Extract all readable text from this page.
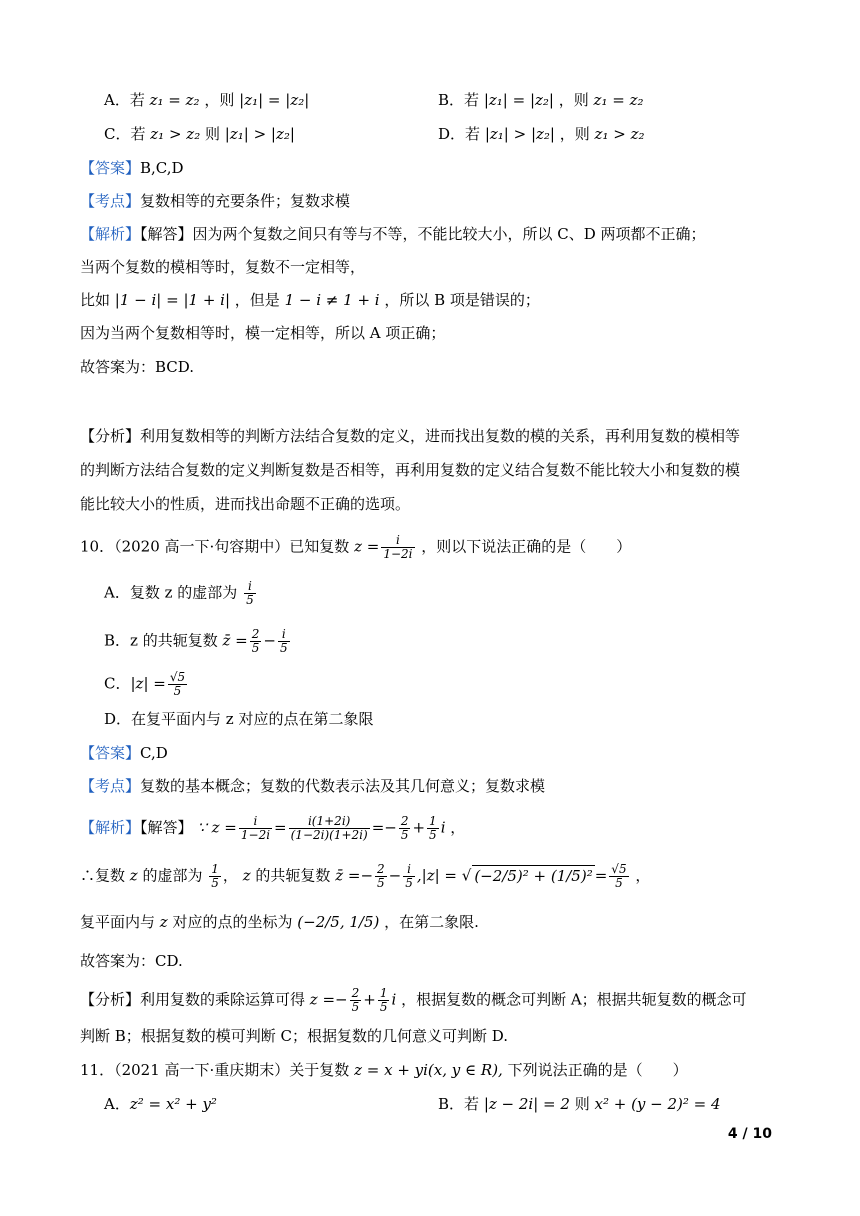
A．若 z₁ = z₂ ，则 |z₁| = |z₂|	B．若 |z₁| = |z₂| ，则 z₁ = z₂
C．若 z₁ > z₂ 则 |z₁| > |z₂|	D．若 |z₁| > |z₂| ，则 z₁ > z₂
【答案】B,C,D
【考点】复数相等的充要条件；复数求模
【解析】【解答】因为两个复数之间只有等与不等，不能比较大小，所以 C、D 两项都不正确；
当两个复数的模相等时，复数不一定相等，
比如 |1 − i| = |1 + i| ，但是 1 − i ≠ 1 + i ，所以 B 项是错误的；
因为当两个复数相等时，模一定相等，所以 A 项正确；
故答案为：BCD.
【分析】利用复数相等的判断方法结合复数的定义，进而找出复数的模的关系，再利用复数的模相等
的判断方法结合复数的定义判断复数是否相等，再利用复数的定义结合复数不能比较大小和复数的模
能比较大小的性质，进而找出命题不正确的选项。
10．（2020 高一下·句容期中）已知复数 $z = \frac{i}{1-2i}$ ，则以下说法正确的是（　　）
A．复数 z 的虚部为 $\frac{i}{5}$
B．z 的共轭复数 z̄ = $\frac{2}{5} - \frac{i}{5}$
C．$|z| = \frac{√5}{5}$
D．在复平面内与 z 对应的点在第二象限
【答案】C,D
【考点】复数的基本概念；复数的代数表示法及其几何意义；复数求模
【解析】【解答】 ∵ $z = \frac{i}{1-2i} = \frac{i(1+2i)}{(1-2i)(1+2i)} =- \frac{2}{5} + \frac{1}{5}$ i ，
∴复数 z 的虚部为 $\frac{1}{5}$ ， z 的共轭复数 z̄ =− $\frac{2}{5} - \frac{i}{5} ,|z|$ = √ $(-2/5)^2 + (1/5)^2 = \frac{√5}{5}$ ，
复平面内与 z 对应的点的坐标为 (−2/5, 1/5) ，在第二象限.
故答案为：CD.
【分析】利用复数的乘除运算可得 $z =- \frac{2}{5} + \frac{1}{5}$ i ，根据复数的概念可判断 A；根据共轭复数的概念可
判断 B；根据复数的模可判断 C；根据复数的几何意义可判断 D.
11．（2021 高一下·重庆期末）关于复数 z = x + yi(x, y ∈ R), 下列说法正确的是（　　）
A．z² = x² + y²	B．若 |z − 2i| = 2 则 x² + (y − 2)² = 4
4 / 10
